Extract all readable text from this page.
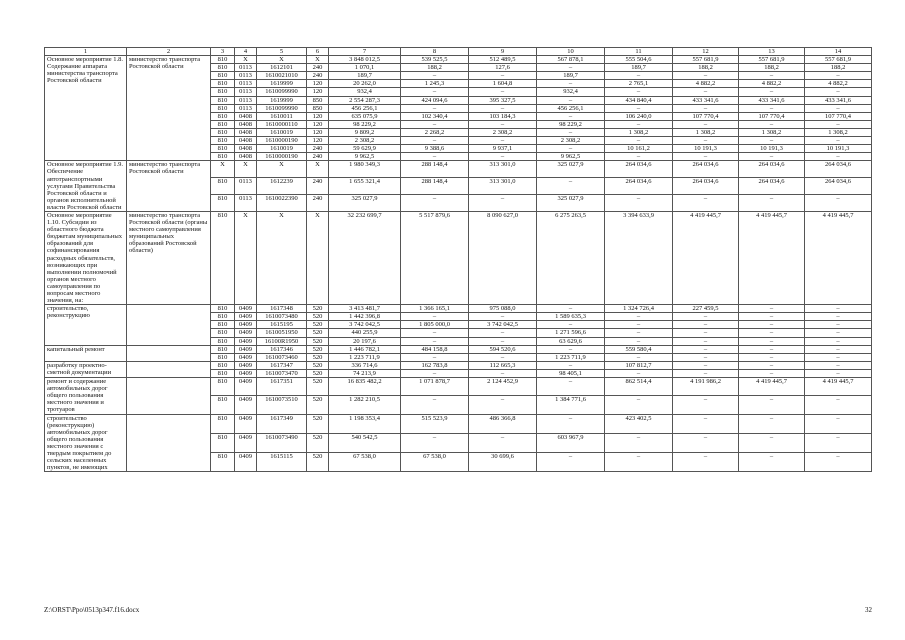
1	2	3	4	5	6	7	8	9	10	11	12	13	14
Основное мероприятие 1.8. Содержание аппарата министерства транспорта Ростовской области	министерство транспорта Ростовской области	810	X	X	X	3 848 012,5	539 525,5	512 489,5	567 878,1	555 504,6	557 681,9	557 681,9	557 681,9
		810	0113	1612101	240	1 070,1	188,2	127,6	–	189,7	188,2	188,2	188,2
		810	0113	1610021010	240	189,7	–	–	189,7	–	–	–	–
		810	0113	1619999	120	20 262,0	1 245,3	1 604,8	–	2 765,1	4 882,2	4 882,2	4 882,2
		810	0113	1610099990	120	932,4	–	–	932,4	–	–	–	–
		810	0113	1619999	850	2 554 287,3	424 094,6	395 327,5	–	434 840,4	433 341,6	433 341,6	433 341,6
		810	0113	1610099990	850	456 256,1	–	–	456 256,1	–	–	–	–
		810	0408	1610011	120	635 075,9	102 340,4	103 184,3	–	106 240,0	107 770,4	107 770,4	107 770,4
		810	0408	1610000110	120	98 229,2	–	–	98 229,2	–	–	–	–
		810	0408	1610019	120	9 809,2	2 268,2	2 308,2	–	1 308,2	1 308,2	1 308,2	1 308,2
		810	0408	1610000190	120	2 308,2	–	–	2 308,2	–	–	–	–
		810	0408	1610019	240	59 629,9	9 388,6	9 937,1	–	10 161,2	10 191,3	10 191,3	10 191,3
		810	0408	1610000190	240	9 962,5	–	–	9 962,5	–	–	–	–
Основное мероприятие 1.9. Обеспечение автотранспортными услугами Правительства Ростовской области и органов исполнительной власти Ростовской области	министерство транспорта Ростовской области	X	X	X	X	1 980 349,3	288 148,4	313 301,0	325 027,9	264 034,6	264 034,6	264 034,6	264 034,6
		810	0113	1612239	240	1 655 321,4	288 148,4	313 301,0	–	264 034,6	264 034,6	264 034,6	264 034,6
		810	0113	1610022390	240	325 027,9	–	–	325 027,9	–	–	–	–
Основное мероприятие 1.10. Субсидии из областного бюджета бюджетам муниципальных образований для софинансирования расходных обязательств, возникающих при выполнении полномочий органов местного самоуправления по вопросам местного значения, на:	министерство транспорта Ростовской области (органы местного самоуправления муниципальных образований Ростовской области)	810	X	X	X	32 232 699,7	5 517 879,6	8 090 627,0	6 275 263,5	3 394 633,9	4 419 445,7	4 419 445,7	4 419 445,7
строительство, реконструкцию		810	0409	1617348	520	3 413 481,7	1 366 165,1	975 088,0	–	1 324 726,4	227 459,5	–	–
		810	0409	1610073480	520	1 442 396,8	–	–	1 589 635,3	–	–	–	–
		810	0409	1615195	520	3 742 042,5	1 805 000,0	3 742 042,5	–	–	–	–	–
		810	0409	1610051950	520	440 255,9	–	–	1 271 596,6	–	–	–	–
		810	0409	16100R1950	520	20 197,6	–	–	63 629,6	–	–	–	–
капитальный ремонт		810	0409	1617346	520	1 446 782,1	484 158,8	594 520,6	–	559 580,4	–	–	–
		810	0409	1610073460	520	1 223 711,9	–	–	1 223 711,9	–	–	–	–
разработку проектно-сметной документации		810	0409	1617347	520	336 714,6	162 783,8	112 665,3	–	107 812,7	–	–	–
		810	0409	1610073470	520	74 213,9	–	–	98 405,1	–	–	–	–
ремонт и содержание автомобильных дорог общего пользования местного значения и тротуаров		810	0409	1617351	520	16 835 482,2	1 071 878,7	2 124 452,9	–	862 514,4	4 191 986,2	4 419 445,7	4 419 445,7
		810	0409	1610073510	520	1 282 210,5	–	–	1 384 771,6	–	–	–	–
строительство (реконструкцию) автомобильных дорог общего пользования местного значения с твердым покрытием до сельских населенных пунктов, не имеющих		810	0409	1617349	520	1 198 353,4	515 523,9	486 366,8	–	423 402,5	–	–	–
		810	0409	1610073490	520	540 542,5	–	–	603 967,9	–	–	–	–
		810	0409	1615115	520	67 538,0	67 538,0	30 699,6	–	–	–	–	–
Z:\ORST\Ppo\0513p347.f16.docx	32
